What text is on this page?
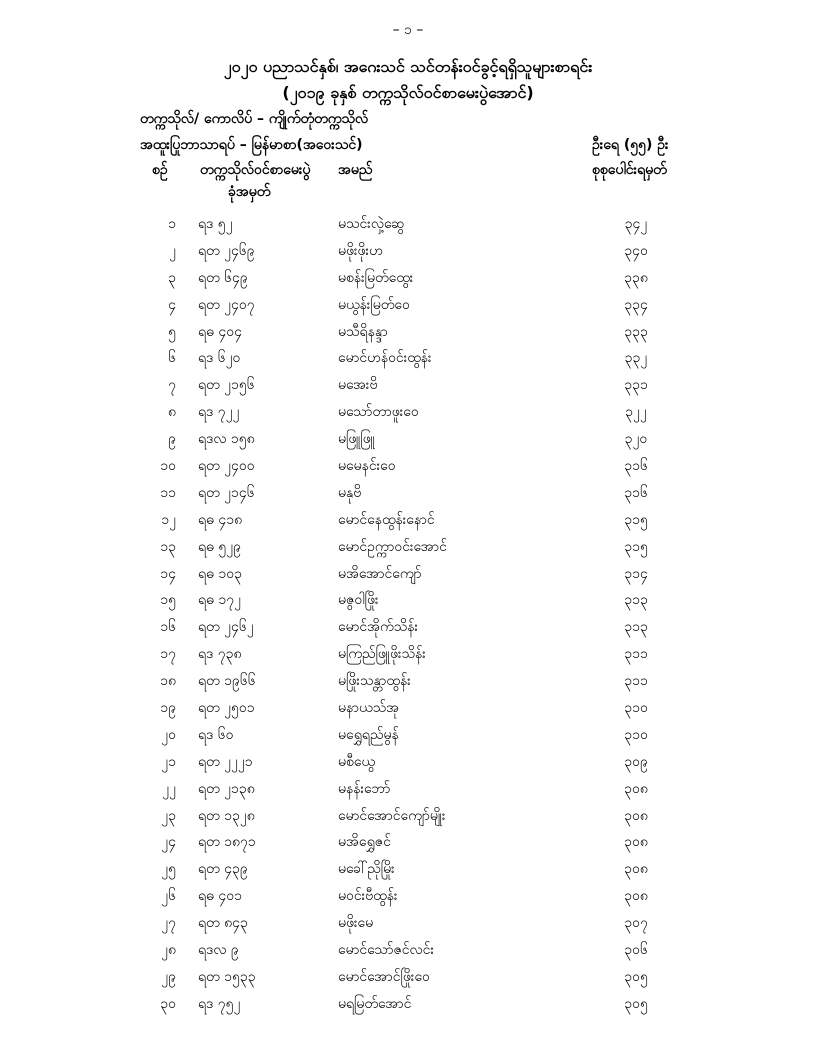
– ၁ –
၂၀၂၀ ပညာသင်နှစ်၊ အဂေးသင် သင်တန်းဝင်ခွင့်ရရှိသူများစာရင်း
(၂၀၁၉ ခုနှစ် တက္ကသိုလ်ဝင်စာမေးပွဲအောင်)
တက္ကသိုလ်/ ကောလိပ် – ကျိုက်တုံတက္ကသိုလ်
အထူးပြုဘာသာရပ် – မြန်မာစာ(အဝေးသင်)	ဦးရေ (၅၅) ဦး
စဉ် တက္ကသိုလ်ဝင်စာမေးပွဲ
ခုံအမှတ်
အမည်	စုစုပေါင်းရမှတ်
၁ ရဒ ၅၂	မသင်းလှဲ့ဆွေ	၃၄၂
၂ ရတ ၂၄၆၉	မဖိုးဖိုးဟ	၃၄၀
၃ ရတ ၆၄၉	မစန်းမြတ်ထွေး	၃၃၈
၄ ရတ ၂၄၀၇	မယွန်းမြတ်ဝေ	၃၃၄
၅ ရဓ ၄၀၄	မသီရိနန္ဒာ	၃၃၃
၆ ရဒ ၆၂၀	မောင်ဟန်ဝင်းထွန်း	၃၃၂
၇ ရတ ၂၁၅၆	မအေးဗိ	၃၃၁
၈ ရဒ ၇၂၂	မသော်တာဖူးဝေ	၃၂၂
၉ ရဒလ ၁၅၈	မဖြူဖြူ	၃၂၀
၁၀ ရတ ၂၄၀၀	မမေနင်းဝေ	၃၁၆
၁၁ ရတ ၂၁၄၆	မနုဗိ	၃၁၆
၁၂ ရဓ ၄၁၈	မောင်နေထွန်းနောင်	၃၁၅
၁၃ ရဓ ၅၂၉	မောင်ဥက္ကာဝင်းအောင်	၃၁၅
၁၄ ရဓ ၁၀၃	မအိအောင်ကျော်	၃၁၄
၁၅ ရဓ ၁၇၂	မဇွဝါဖြိုး	၃၁၃
၁၆ ရတ ၂၄၆၂	မောင်အိုက်သိန်း	၃၁၃
၁၇ ရဒ ၇၃၈	မကြည်ဖြူဖိုးသိန်း	၃၁၁
၁၈ ရတ ၁၉၆၆	မဖြိုးသန္တာထွန်း	၃၁၁
၁၉ ရတ ၂၅၀၁	မနာယသ်အု	၃၁၀
၂၀ ရဒ ၆၀	မရွှေရည်မွန်	၃၁၀
၂၁ ရတ ၂၂၂၁	မစီယွေ	၃၀၉
၂၂ ရတ ၂၁၃၈	မနန်းဘော်	၃၀၈
၂၃ ရတ ၁၃၂၈	မောင်အောင်ကျော်မျိုး	၃၀၈
၂၄ ရတ ၁၈၇၁	မအိရွှေဇင်	၃၀၈
၂၅ ရတ ၄၃၉	မခေါ်ညိုမြိုး	၃၀၈
၂၆ ရဓ ၄၀၁	မဝင်းဗီထွန်း	၃၀၈
၂၇ ရတ ၈၄၃	မဖိုးမေ	၃၀၇
၂၈ ရဒလ ၉	မောင်သော်ဇင်လင်း	၃၀၆
၂၉ ရတ ၁၅၃၃	မောင်အောင်ဖြိုးဝေ	၃၀၅
၃၀ ရဒ ၇၅၂	မရမြတ်အောင်	၃၀၅
